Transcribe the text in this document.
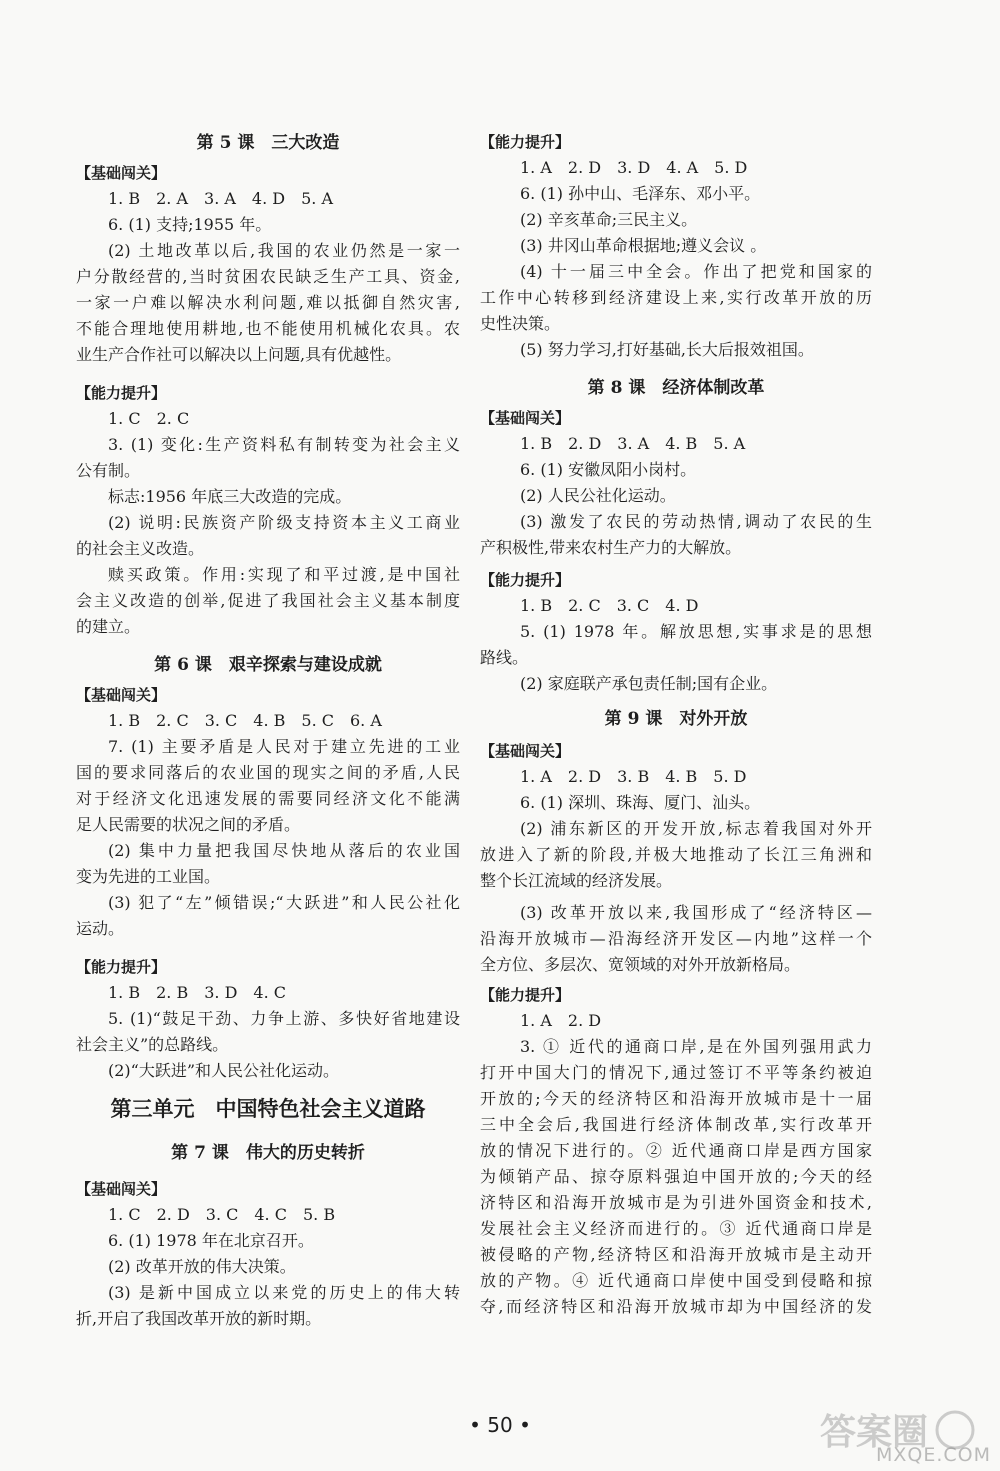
第 5 课　三大改造
【基础闯关】
1. B　2. A　3. A　4. D　5. A
6. (1) 支持;1955 年。
(2) 土地改革以后,我国的农业仍然是一家一
户分散经营的,当时贫困农民缺乏生产工具、资金,
一家一户难以解决水利问题,难以抵御自然灾害,
不能合理地使用耕地,也不能使用机械化农具。农
业生产合作社可以解决以上问题,具有优越性。
【能力提升】
1. C　2. C
3. (1) 变化:生产资料私有制转变为社会主义
公有制。
标志:1956 年底三大改造的完成。
(2) 说明:民族资产阶级支持资本主义工商业
的社会主义改造。
赎买政策。作用:实现了和平过渡,是中国社
会主义改造的创举,促进了我国社会主义基本制度
的建立。
第 6 课　艰辛探索与建设成就
【基础闯关】
1. B　2. C　3. C　4. B　5. C　6. A
7. (1) 主要矛盾是人民对于建立先进的工业
国的要求同落后的农业国的现实之间的矛盾,人民
对于经济文化迅速发展的需要同经济文化不能满
足人民需要的状况之间的矛盾。
(2) 集中力量把我国尽快地从落后的农业国
变为先进的工业国。
(3) 犯了“左”倾错误;“大跃进”和人民公社化
运动。
【能力提升】
1. B　2. B　3. D　4. C
5. (1)“鼓足干劲、力争上游、多快好省地建设
社会主义”的总路线。
(2)“大跃进”和人民公社化运动。
第三单元　中国特色社会主义道路
第 7 课　伟大的历史转折
【基础闯关】
1. C　2. D　3. C　4. C　5. B
6. (1) 1978 年在北京召开。
(2) 改革开放的伟大决策。
(3) 是新中国成立以来党的历史上的伟大转
折,开启了我国改革开放的新时期。
【能力提升】
1. A　2. D　3. D　4. A　5. D
6. (1) 孙中山、毛泽东、邓小平。
(2) 辛亥革命;三民主义。
(3) 井冈山革命根据地;遵义会议 。
(4) 十一届三中全会。作出了把党和国家的
工作中心转移到经济建设上来,实行改革开放的历
史性决策。
(5) 努力学习,打好基础,长大后报效祖国。
第 8 课　经济体制改革
【基础闯关】
1. B　2. D　3. A　4. B　5. A
6. (1) 安徽凤阳小岗村。
(2) 人民公社化运动。
(3) 激发了农民的劳动热情,调动了农民的生
产积极性,带来农村生产力的大解放。
【能力提升】
1. B　2. C　3. C　4. D
5. (1) 1978 年。解放思想,实事求是的思想
路线。
(2) 家庭联产承包责任制;国有企业。
第 9 课　对外开放
【基础闯关】
1. A　2. D　3. B　4. B　5. D
6. (1) 深圳、珠海、厦门、汕头。
(2) 浦东新区的开发开放,标志着我国对外开
放进入了新的阶段,并极大地推动了长江三角洲和
整个长江流域的经济发展。
(3) 改革开放以来,我国形成了“经济特区—
沿海开放城市—沿海经济开发区—内地”这样一个
全方位、多层次、宽领域的对外开放新格局。
【能力提升】
1. A　2. D
3. ① 近代的通商口岸,是在外国列强用武力
打开中国大门的情况下,通过签订不平等条约被迫
开放的;今天的经济特区和沿海开放城市是十一届
三中全会后,我国进行经济体制改革,实行改革开
放的情况下进行的。② 近代通商口岸是西方国家
为倾销产品、掠夺原料强迫中国开放的;今天的经
济特区和沿海开放城市是为引进外国资金和技术,
发展社会主义经济而进行的。③ 近代通商口岸是
被侵略的产物,经济特区和沿海开放城市是主动开
放的产物。④ 近代通商口岸使中国受到侵略和掠
夺,而经济特区和沿海开放城市却为中国经济的发
• 50 •	答案圈
MXQE.COM
